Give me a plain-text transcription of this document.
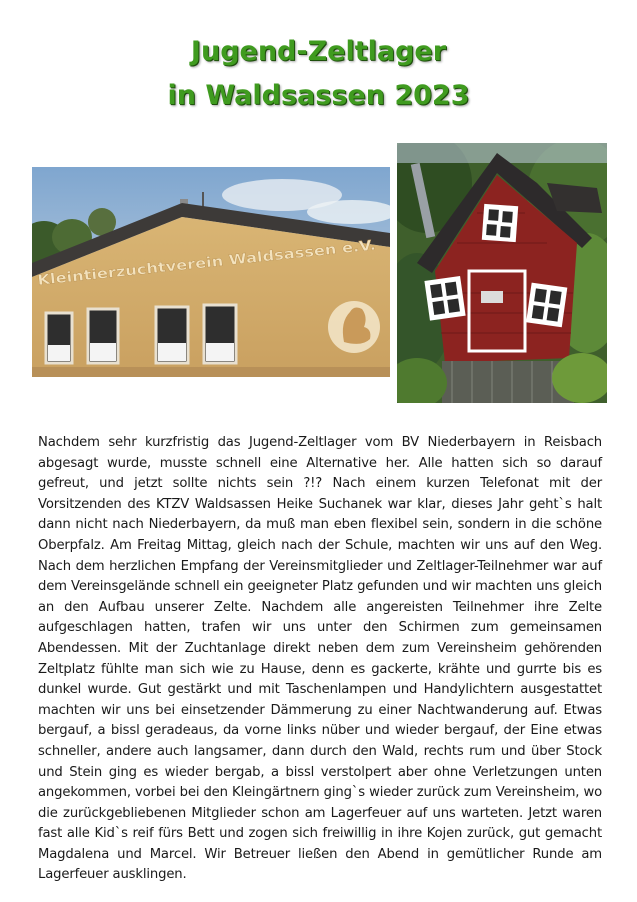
Jugend-Zeltlager
in Waldsassen 2023
Kleintierzuchtverein Waldsassen e.V.

Nachdem sehr kurzfristig das Jugend-Zeltlager vom BV Niederbayern in Reisbach abgesagt wurde, musste schnell eine Alternative her. Alle hatten sich so darauf gefreut, und jetzt sollte nichts sein ?!? Nach einem kurzen Telefonat mit der Vorsitzenden des KTZV Waldsassen Heike Suchanek war klar, dieses Jahr geht`s halt dann nicht nach Niederbayern, da muß man eben flexibel sein, sondern in die schöne Oberpfalz. Am Freitag Mittag, gleich nach der Schule, machten wir uns auf den Weg. Nach dem herzlichen Empfang der Vereinsmitglieder und Zeltlager-Teilnehmer war auf dem Vereinsgelände schnell ein geeigneter Platz gefunden und wir machten uns gleich an den Aufbau unserer Zelte. Nachdem alle angereisten Teilnehmer ihre Zelte aufgeschlagen hatten, trafen wir uns unter den Schirmen zum gemeinsamen Abendessen. Mit der Zuchtanlage direkt neben dem zum Vereinsheim gehörenden Zeltplatz fühlte man sich wie zu Hause, denn es gackerte, krähte und gurrte bis es dunkel wurde. Gut gestärkt und mit Taschenlampen und Handylichtern ausgestattet machten wir uns bei einsetzender Dämmerung zu einer Nachtwanderung auf. Etwas bergauf, a bissl geradeaus, da vorne links nüber und wieder bergauf, der Eine etwas schneller, andere auch langsamer, dann durch den Wald, rechts rum und über Stock und Stein ging es wieder bergab, a bissl verstolpert aber ohne Verletzungen unten angekommen, vorbei bei den Kleingärtnern ging`s wieder zurück zum Vereinsheim, wo die zurückgebliebenen Mitglieder schon am Lagerfeuer auf uns warteten. Jetzt waren fast alle Kid`s reif fürs Bett und zogen sich freiwillig in ihre Kojen zurück, gut gemacht Magdalena und Marcel. Wir Betreuer ließen den Abend in gemütlicher Runde am Lagerfeuer ausklingen.
